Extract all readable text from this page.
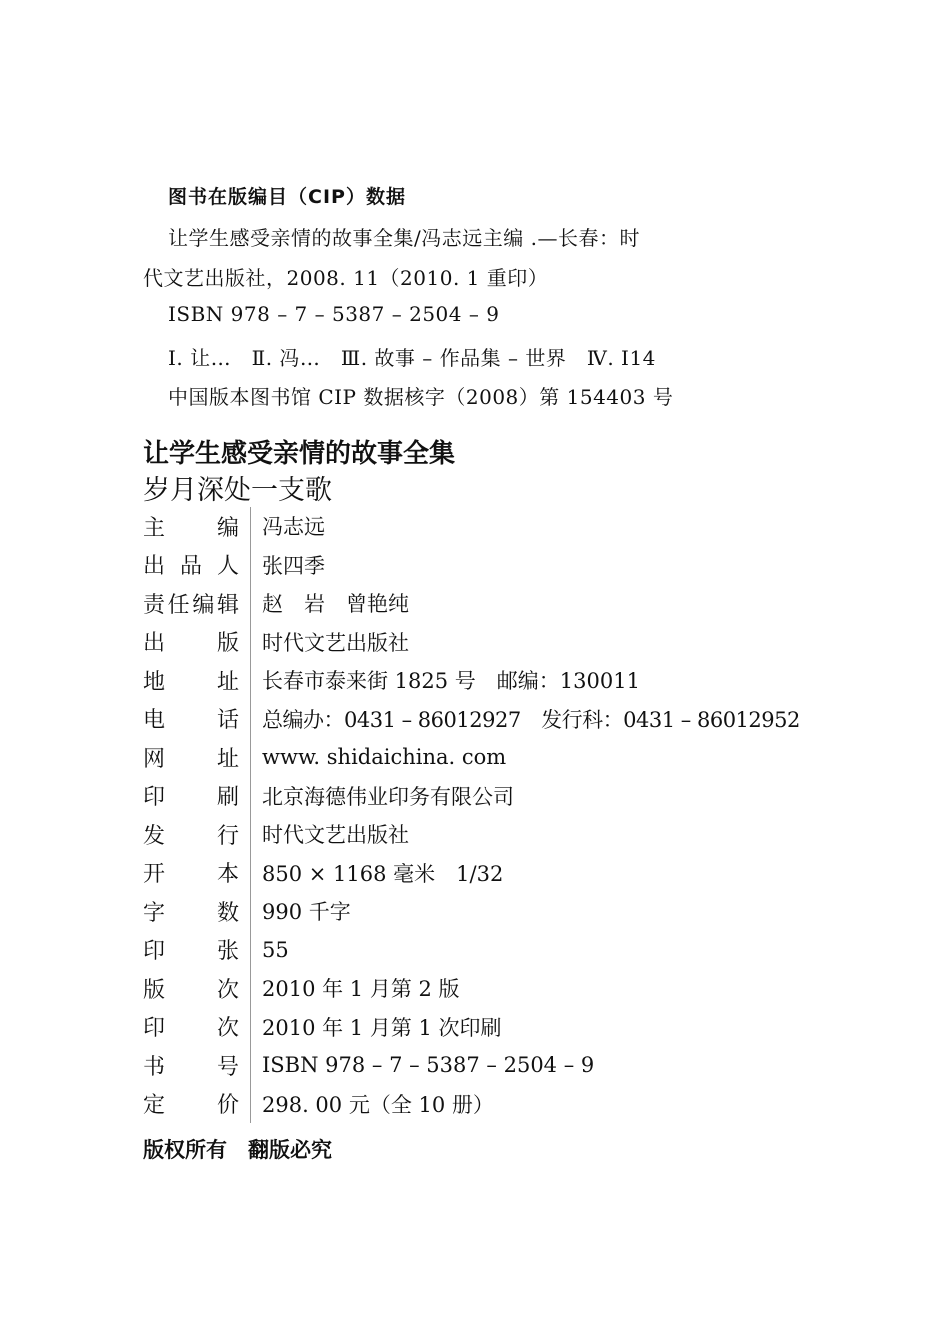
图书在版编目（CIP）数据
让学生感受亲情的故事全集/冯志远主编 .—长春：时
代文艺出版社，2008. 11（2010. 1 重印）
ISBN 978 – 7 – 5387 – 2504 – 9
Ⅰ. 让…　Ⅱ. 冯…　Ⅲ. 故事 – 作品集 – 世界　Ⅳ. I14
中国版本图书馆 CIP 数据核字（2008）第 154403 号
让学生感受亲情的故事全集
岁月深处一支歌
主编 冯志远
出品人 张四季
责任编辑 赵　岩　曾艳纯
出版 时代文艺出版社
地址 长春市泰来街 1825 号　邮编：130011
电话 总编办：0431 – 86012927　发行科：0431 – 86012952
网址 www. shidaichina. com
印刷 北京海德伟业印务有限公司
发行 时代文艺出版社
开本 850 × 1168 毫米　1/32
字数 990 千字
印张 55
版次 2010 年 1 月第 2 版
印次 2010 年 1 月第 1 次印刷
书号 ISBN 978 – 7 – 5387 – 2504 – 9
定价 298. 00 元（全 10 册）
版权所有　翻版必究
